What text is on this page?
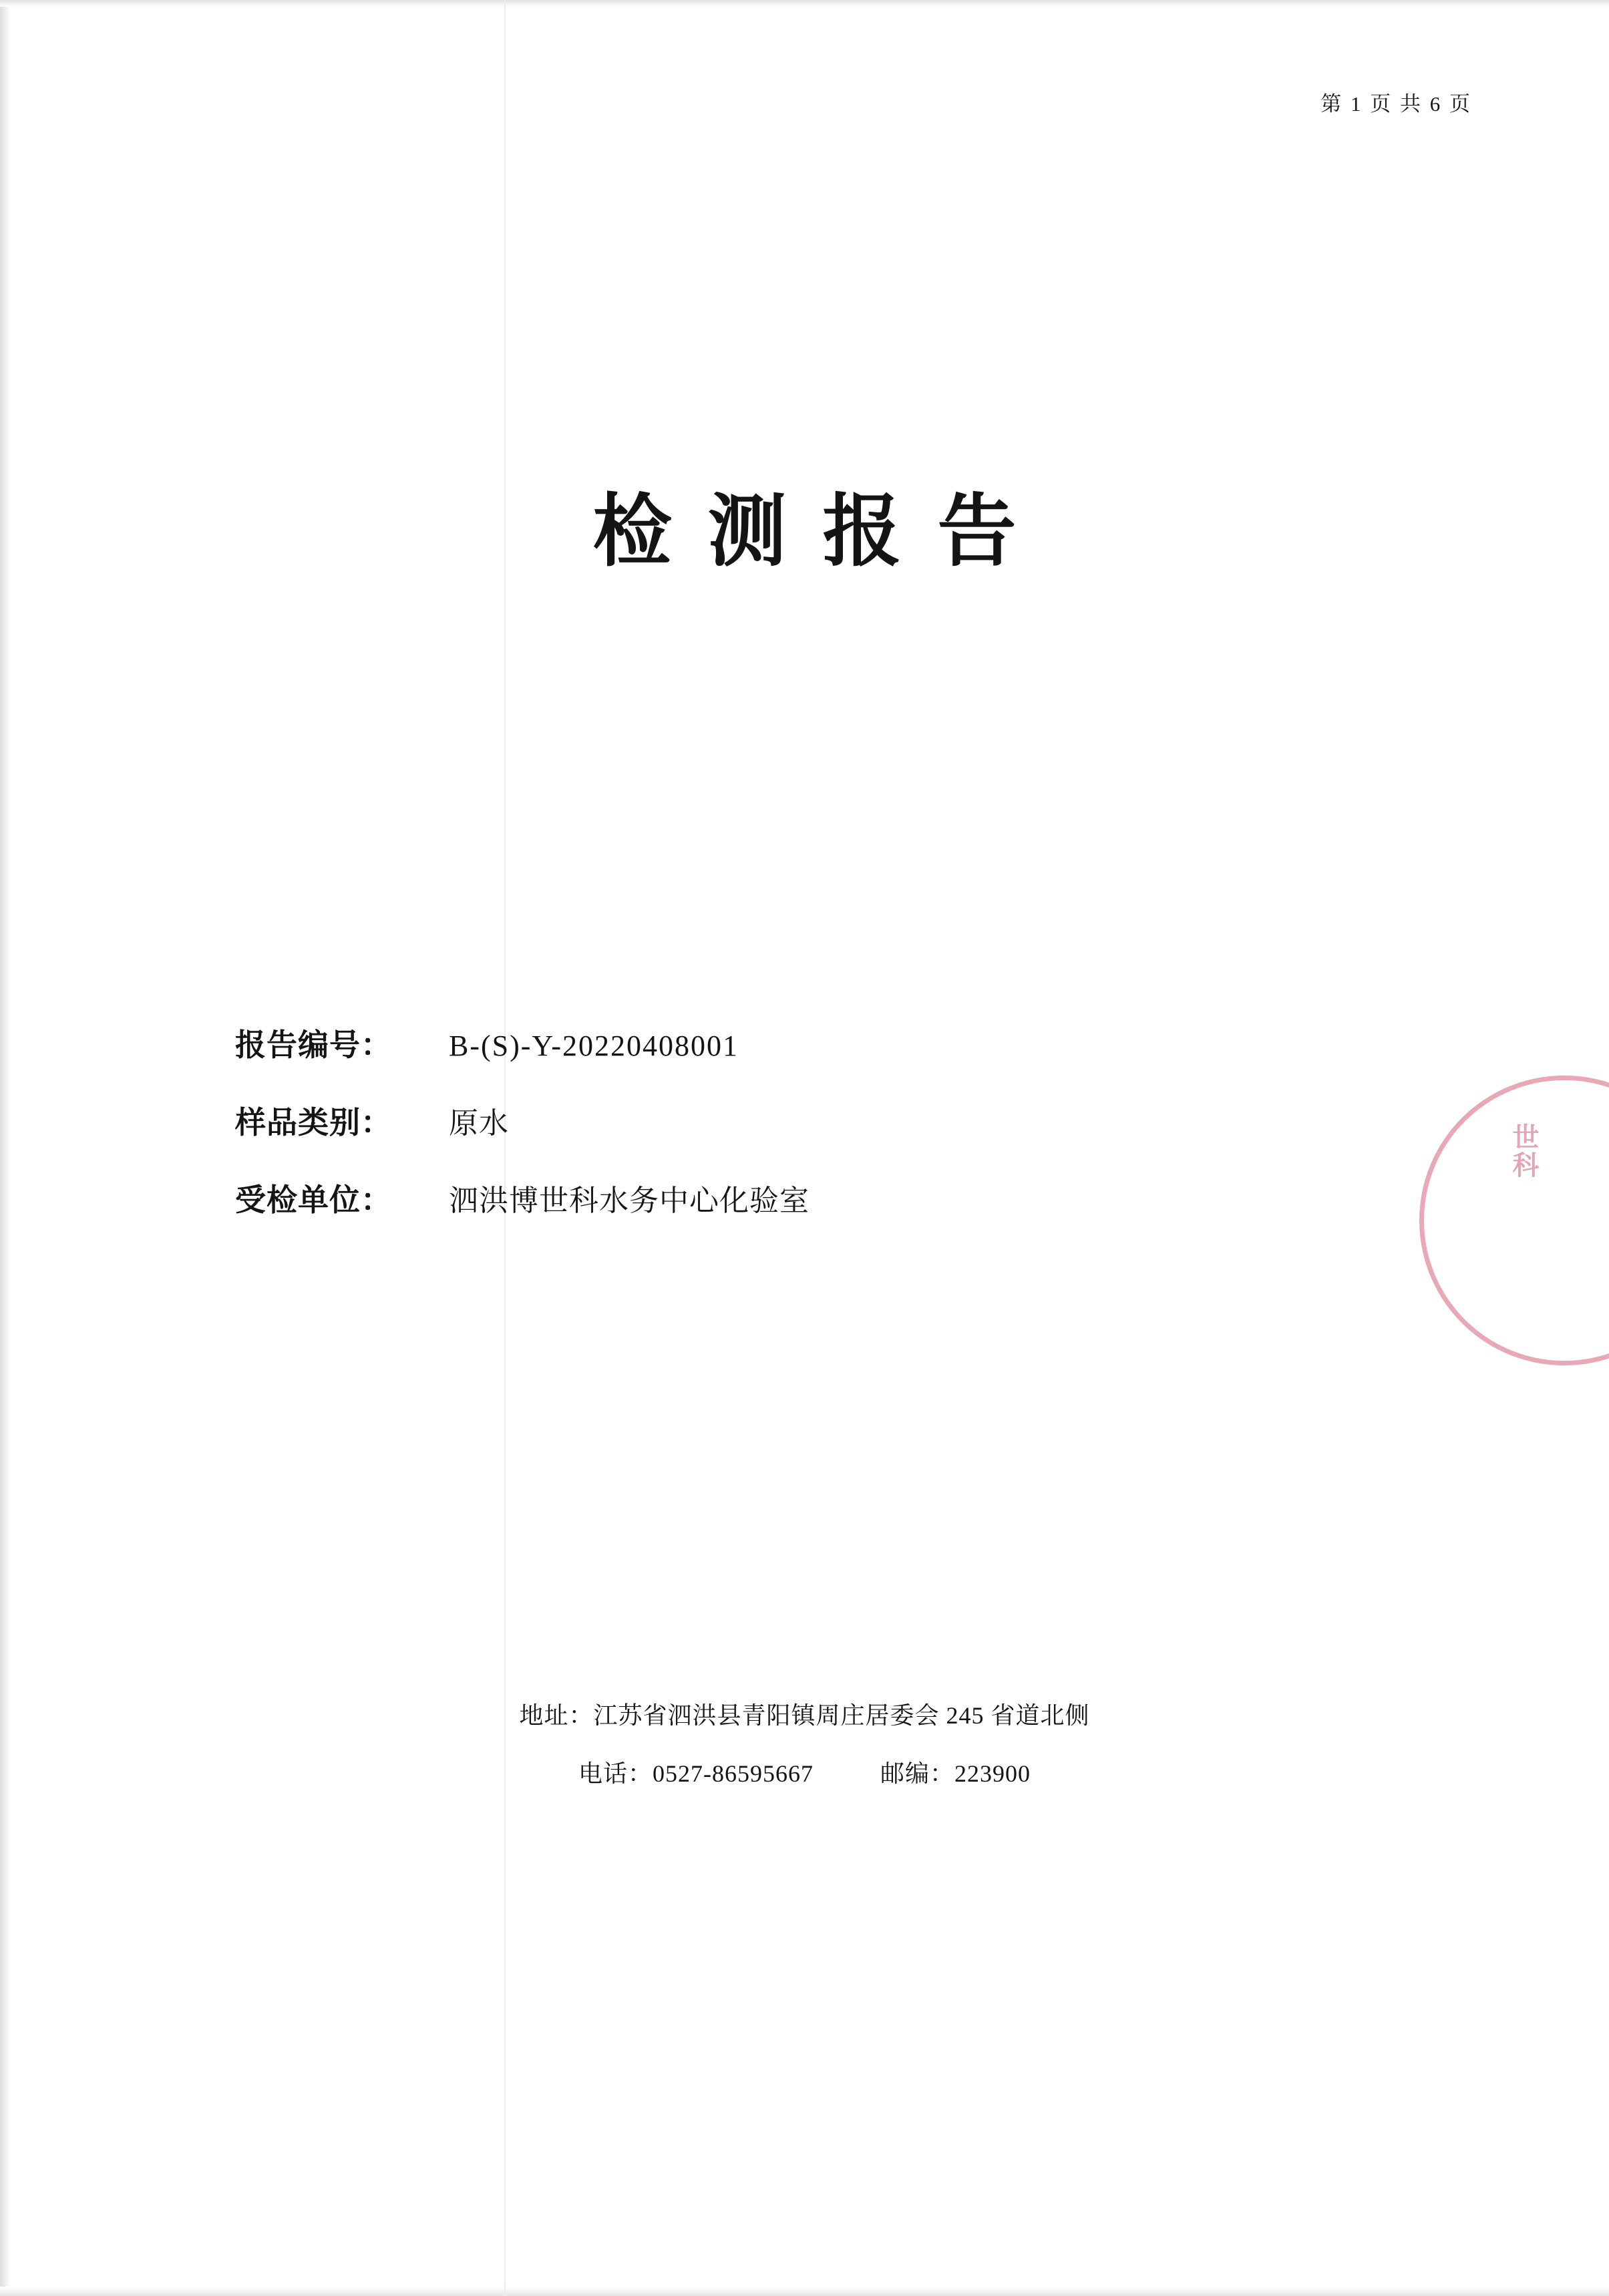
第 1 页 共 6 页
检测报告
报告编号：	B-(S)-Y-20220408001
样品类别：	原水
受检单位：	泗洪博世科水务中心化验室
世科
地址：江苏省泗洪县青阳镇周庄居委会 245 省道北侧
电话：0527-86595667	邮编：223900
